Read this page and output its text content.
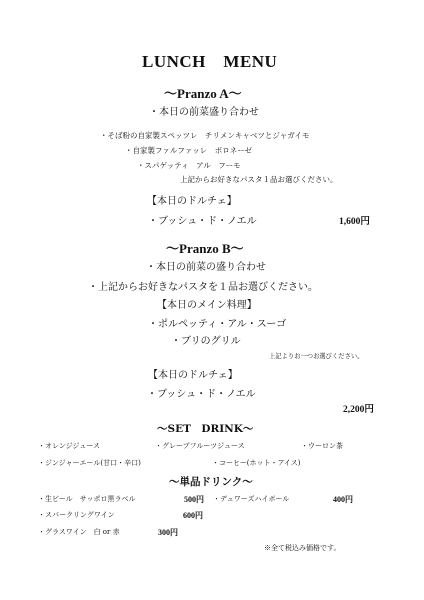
LUNCH　MENU
～Pranzo A～
・本日の前菜盛り合わせ
・そば粉の自家製スペッツレ　チリメンキャベツとジャガイモ
・自家製ファルファッレ　ボロネーゼ
・スパゲッティ　アル　フーモ
上記からお好きなパスタ１品お選びください。
【本日のドルチェ】
・ブッシュ・ド・ノエル	1,600円
～Pranzo B～
・本日の前菜の盛り合わせ
・上記からお好きなパスタを１品お選びください。
【本日のメイン料理】
・ポルペッティ・アル・スーゴ
・ブリのグリル
上記よりお一つお選びください。
【本日のドルチェ】
・ブッシュ・ド・ノエル
2,200円
～SET　DRINK～
・オレンジジュース	・グレープフルーツジュース	・ウーロン茶
・ジンジャーエール(甘口・辛口)	・コーヒー(ホット・アイス)
～単品ドリンク～
・生ビール　サッポロ黒ラベル	500円 ・デュワーズハイボール	400円
・スパークリングワイン	600円
・グラスワイン　白 or 赤	300円
※全て税込み価格です。
